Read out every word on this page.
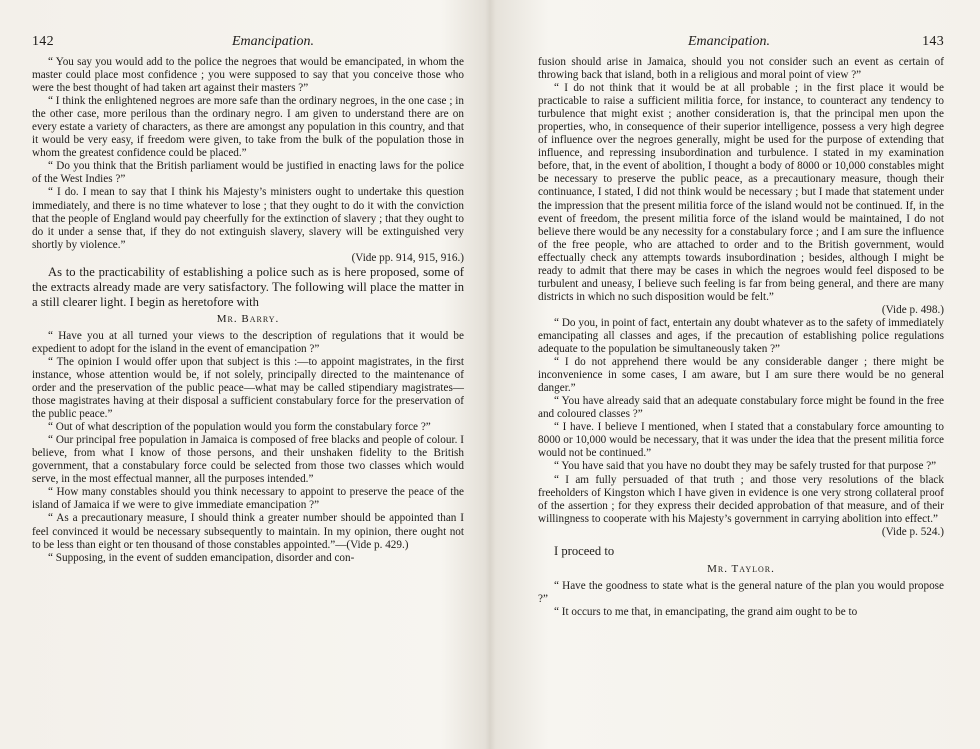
142	Emancipation.

“ You say you would add to the police the negroes that would be emancipated, in whom the master could place most confidence ; you were supposed to say that you conceive those who were the best thought of had taken art against their masters ?”

“ I think the enlightened negroes are more safe than the ordinary negroes, in the one case ; in the other case, more perilous than the ordinary negro. I am given to understand there are on every estate a variety of characters, as there are amongst any population in this country, and that it would be very easy, if freedom were given, to take from the bulk of the population those in whom the greatest confidence could be placed.”

“ Do you think that the British parliament would be justified in enacting laws for the police of the West Indies ?”

“ I do. I mean to say that I think his Majesty’s ministers ought to undertake this question immediately, and there is no time whatever to lose ; that they ought to do it with the conviction that the people of England would pay cheerfully for the extinction of slavery ; that they ought to do it under a sense that, if they do not extinguish slavery, slavery will be extinguished very shortly by violence.”

(Vide pp. 914, 915, 916.)

As to the practicability of establishing a police such as is here proposed, some of the extracts already made are very satisfactory. The following will place the matter in a still clearer light. I begin as heretofore with

Mr. Barry.

“ Have you at all turned your views to the description of regulations that it would be expedient to adopt for the island in the event of emancipation ?”

“ The opinion I would offer upon that subject is this :—to appoint magistrates, in the first instance, whose attention would be, if not solely, principally directed to the maintenance of order and the preservation of the public peace—what may be called stipendiary magistrates—those magistrates having at their disposal a sufficient constabulary force for the preservation of the public peace.”

“ Out of what description of the population would you form the constabulary force ?”

“ Our principal free population in Jamaica is composed of free blacks and people of colour. I believe, from what I know of those persons, and their unshaken fidelity to the British government, that a constabulary force could be selected from those two classes which would serve, in the most effectual manner, all the purposes intended.”

“ How many constables should you think necessary to appoint to preserve the peace of the island of Jamaica if we were to give immediate emancipation ?”

“ As a precautionary measure, I should think a greater number should be appointed than I feel convinced it would be necessary subsequently to maintain. In my opinion, there ought not to be less than eight or ten thousand of those constables appointed.”—(Vide p. 429.)

“ Supposing, in the event of sudden emancipation, disorder and con-

Emancipation.	143

fusion should arise in Jamaica, should you not consider such an event as certain of throwing back that island, both in a religious and moral point of view ?”

“ I do not think that it would be at all probable ; in the first place it would be practicable to raise a sufficient militia force, for instance, to counteract any tendency to turbulence that might exist ; another consideration is, that the principal men upon the properties, who, in consequence of their superior intelligence, possess a very high degree of influence over the negroes generally, might be used for the purpose of extending that influence, and repressing insubordination and turbulence. I stated in my examination before, that, in the event of abolition, I thought a body of 8000 or 10,000 constables might be necessary to preserve the public peace, as a precautionary measure, though their continuance, I stated, I did not think would be necessary ; but I made that statement under the impression that the present militia force of the island would not be continued. If, in the event of freedom, the present militia force of the island would be maintained, I do not believe there would be any necessity for a constabulary force ; and I am sure the influence of the free people, who are attached to order and to the British government, would effectually check any attempts towards insubordination ; besides, although I might be ready to admit that there may be cases in which the negroes would feel disposed to be turbulent and uneasy, I believe such feeling is far from being general, and there are many districts in which no such disposition would be felt.”

(Vide p. 498.)

“ Do you, in point of fact, entertain any doubt whatever as to the safety of immediately emancipating all classes and ages, if the precaution of establishing police regulations adequate to the population be simultaneously taken ?”

“ I do not apprehend there would be any considerable danger ; there might be inconvenience in some cases, I am aware, but I am sure there would be no general danger.”

“ You have already said that an adequate constabulary force might be found in the free and coloured classes ?”

“ I have. I believe I mentioned, when I stated that a constabulary force amounting to 8000 or 10,000 would be necessary, that it was under the idea that the present militia force would not be continued.”

“ You have said that you have no doubt they may be safely trusted for that purpose ?”

“ I am fully persuaded of that truth ; and those very resolutions of the black freeholders of Kingston which I have given in evidence is one very strong collateral proof of the assertion ; for they express their decided approbation of that measure, and of their willingness to cooperate with his Majesty’s government in carrying abolition into effect.”

(Vide p. 524.)

I proceed to

Mr. Taylor.

“ Have the goodness to state what is the general nature of the plan you would propose ?”

“ It occurs to me that, in emancipating, the grand aim ought to be to
